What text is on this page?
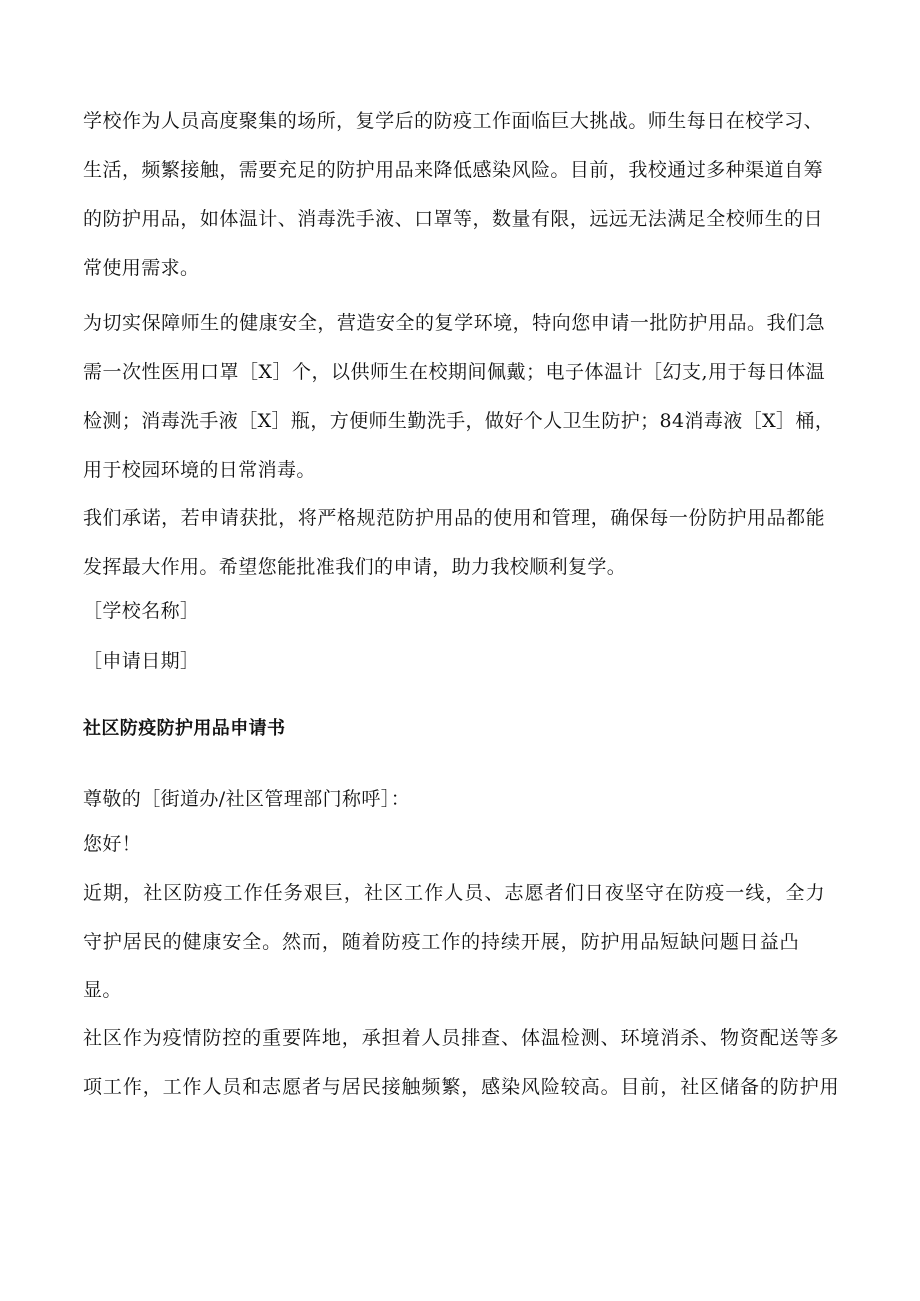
学校作为人员高度聚集的场所，复学后的防疫工作面临巨大挑战。师生每日在校学习、
生活，频繁接触，需要充足的防护用品来降低感染风险。目前，我校通过多种渠道自筹
的防护用品，如体温计、消毒洗手液、口罩等，数量有限，远远无法满足全校师生的日
常使用需求。
为切实保障师生的健康安全，营造安全的复学环境，特向您申请一批防护用品。我们急
需一次性医用口罩［X］个，以供师生在校期间佩戴；电子体温计［幻支,用于每日体温
检测；消毒洗手液［X］瓶，方便师生勤洗手，做好个人卫生防护；84消毒液［X］桶，
用于校园环境的日常消毒。
我们承诺，若申请获批，将严格规范防护用品的使用和管理，确保每一份防护用品都能
发挥最大作用。希望您能批准我们的申请，助力我校顺利复学。
［学校名称］
［申请日期］
社区防疫防护用品申请书
尊敬的［街道办/社区管理部门称呼］：
您好！
近期，社区防疫工作任务艰巨，社区工作人员、志愿者们日夜坚守在防疫一线，全力
守护居民的健康安全。然而，随着防疫工作的持续开展，防护用品短缺问题日益凸
显。
社区作为疫情防控的重要阵地，承担着人员排查、体温检测、环境消杀、物资配送等多
项工作，工作人员和志愿者与居民接触频繁，感染风险较高。目前，社区储备的防护用
